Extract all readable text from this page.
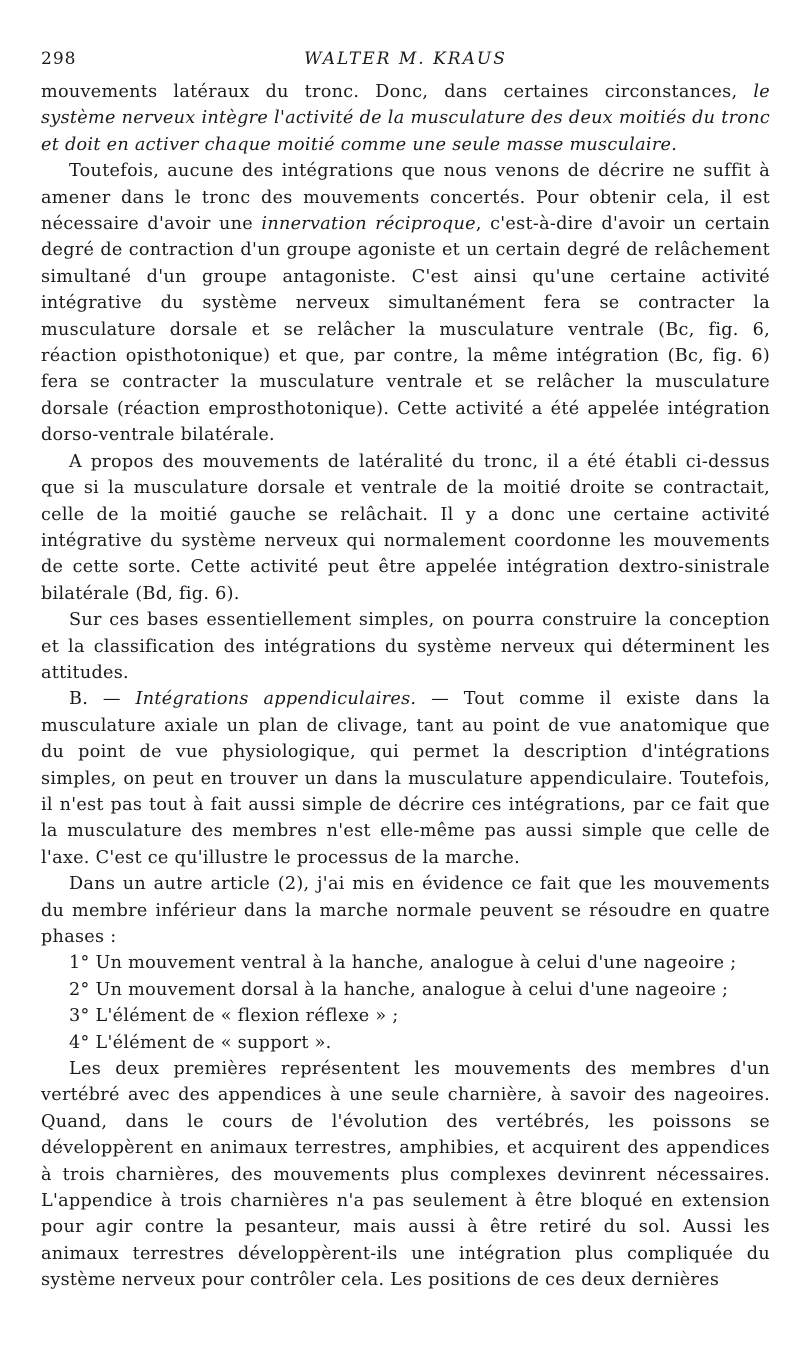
298	WALTER M. KRAUS

mouvements latéraux du tronc. Donc, dans certaines circonstances, le système nerveux intègre l'activité de la musculature des deux moitiés du tronc et doit en activer chaque moitié comme une seule masse musculaire.

Toutefois, aucune des intégrations que nous venons de décrire ne suffit à amener dans le tronc des mouvements concertés. Pour obtenir cela, il est nécessaire d'avoir une innervation réciproque, c'est-à-dire d'avoir un certain degré de contraction d'un groupe agoniste et un certain degré de relâchement simultané d'un groupe antagoniste. C'est ainsi qu'une certaine activité intégrative du système nerveux simultanément fera se contracter la musculature dorsale et se relâcher la musculature ventrale (Bc, fig. 6, réaction opisthotonique) et que, par contre, la même intégration (Bc, fig. 6) fera se contracter la musculature ventrale et se relâcher la musculature dorsale (réaction emprosthotonique). Cette activité a été appelée intégration dorso-ventrale bilatérale.

A propos des mouvements de latéralité du tronc, il a été établi ci-dessus que si la musculature dorsale et ventrale de la moitié droite se contractait, celle de la moitié gauche se relâchait. Il y a donc une certaine activité intégrative du système nerveux qui normalement coordonne les mouvements de cette sorte. Cette activité peut être appelée intégration dextro-sinistrale bilatérale (Bd, fig. 6).

Sur ces bases essentiellement simples, on pourra construire la conception et la classification des intégrations du système nerveux qui déterminent les attitudes.

B. — Intégrations appendiculaires. — Tout comme il existe dans la musculature axiale un plan de clivage, tant au point de vue anatomique que du point de vue physiologique, qui permet la description d'intégrations simples, on peut en trouver un dans la musculature appendiculaire. Toutefois, il n'est pas tout à fait aussi simple de décrire ces intégrations, par ce fait que la musculature des membres n'est elle-même pas aussi simple que celle de l'axe. C'est ce qu'illustre le processus de la marche.

Dans un autre article (2), j'ai mis en évidence ce fait que les mouvements du membre inférieur dans la marche normale peuvent se résoudre en quatre phases :

1° Un mouvement ventral à la hanche, analogue à celui d'une nageoire ;

2° Un mouvement dorsal à la hanche, analogue à celui d'une nageoire ;

3° L'élément de « flexion réflexe » ;

4° L'élément de « support ».

Les deux premières représentent les mouvements des membres d'un vertébré avec des appendices à une seule charnière, à savoir des nageoires. Quand, dans le cours de l'évolution des vertébrés, les poissons se développèrent en animaux terrestres, amphibies, et acquirent des appendices à trois charnières, des mouvements plus complexes devinrent nécessaires. L'appendice à trois charnières n'a pas seulement à être bloqué en extension pour agir contre la pesanteur, mais aussi à être retiré du sol. Aussi les animaux terrestres développèrent-ils une intégration plus compliquée du système nerveux pour contrôler cela. Les positions de ces deux dernières
